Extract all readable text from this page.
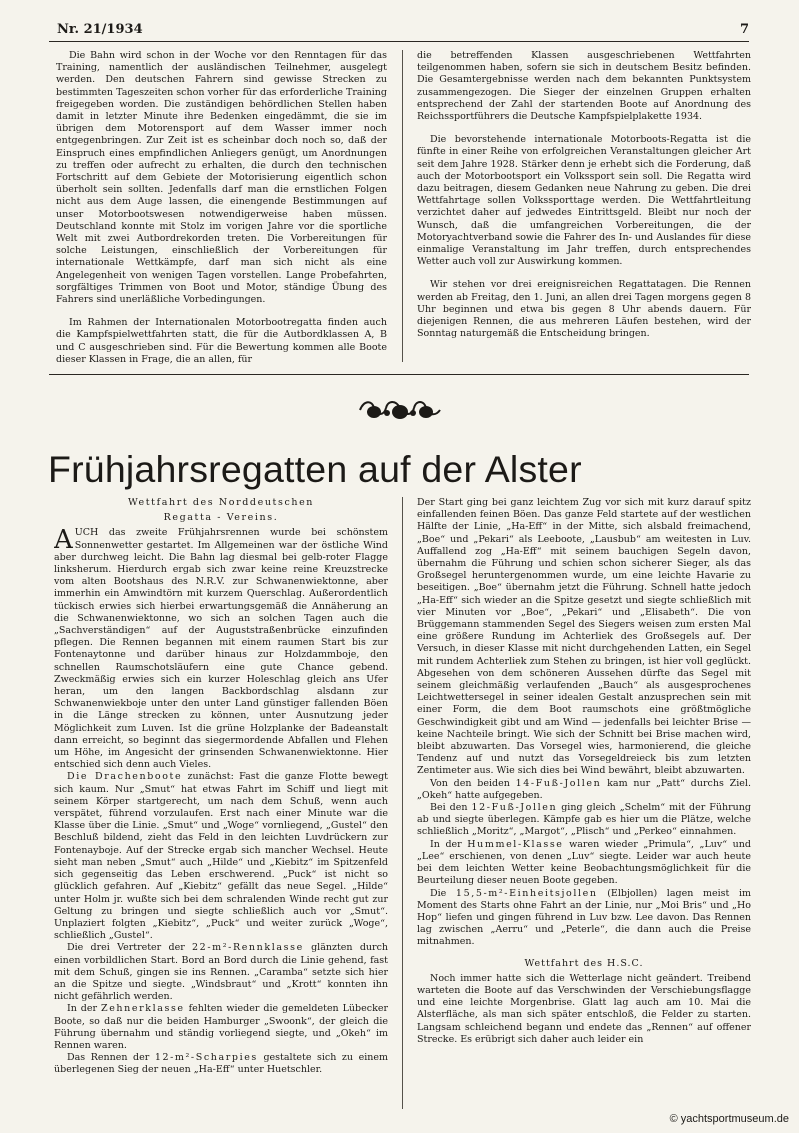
Nr. 21/1934	7

Die Bahn wird schon in der Woche vor den Renntagen für das Training, namentlich der ausländischen Teilnehmer, ausgelegt werden. Den deutschen Fahrern sind gewisse Strecken zu bestimmten Tageszeiten schon vorher für das erforderliche Training freigegeben worden. Die zuständigen behördlichen Stellen haben damit in letzter Minute ihre Bedenken eingedämmt, die sie im übrigen dem Motorensport auf dem Wasser immer noch entgegenbringen. Zur Zeit ist es scheinbar doch noch so, daß der Einspruch eines empfindlichen Anliegers genügt, um Anordnungen zu treffen oder aufrecht zu erhalten, die durch den technischen Fortschritt auf dem Gebiete der Motorisierung eigentlich schon überholt sein sollten. Jedenfalls darf man die ernstlichen Folgen nicht aus dem Auge lassen, die einengende Bestimmungen auf unser Motorbootswesen notwendigerweise haben müssen. Deutschland konnte mit Stolz im vorigen Jahre vor die sportliche Welt mit zwei Autbordrekorden treten. Die Vorbereitungen für solche Leistungen, einschließlich der Vorbereitungen für internationale Wettkämpfe, darf man sich nicht als eine Angelegenheit von wenigen Tagen vorstellen. Lange Probefahrten, sorgfältiges Trimmen von Boot und Motor, ständige Übung des Fahrers sind unerläßliche Vorbedingungen.

Im Rahmen der Internationalen Motorbootregatta finden auch die Kampfspielwettfahrten statt, die für die Autbordklassen A, B und C ausgeschrieben sind. Für die Bewertung kommen alle Boote dieser Klassen in Frage, die an allen, für

die betreffenden Klassen ausgeschriebenen Wettfahrten teilgenommen haben, sofern sie sich in deutschem Besitz befinden. Die Gesamtergebnisse werden nach dem bekannten Punktsystem zusammengezogen. Die Sieger der einzelnen Gruppen erhalten entsprechend der Zahl der startenden Boote auf Anordnung des Reichssportführers die Deutsche Kampfspielplakette 1934.

Die bevorstehende internationale Motorboots-Regatta ist die fünfte in einer Reihe von erfolgreichen Veranstaltungen gleicher Art seit dem Jahre 1928. Stärker denn je erhebt sich die Forderung, daß auch der Motorbootsport ein Volkssport sein soll. Die Regatta wird dazu beitragen, diesem Gedanken neue Nahrung zu geben. Die drei Wettfahrtage sollen Volkssporttage werden. Die Wettfahrtleitung verzichtet daher auf jedwedes Eintrittsgeld. Bleibt nur noch der Wunsch, daß die umfangreichen Vorbereitungen, die der Motoryachtverband sowie die Fahrer des In- und Auslandes für diese einmalige Veranstaltung im Jahr treffen, durch entsprechendes Wetter auch voll zur Auswirkung kommen.

Wir stehen vor drei ereignisreichen Regattatagen. Die Rennen werden ab Freitag, den 1. Juni, an allen drei Tagen morgens gegen 8 Uhr beginnen und etwa bis gegen 8 Uhr abends dauern. Für diejenigen Rennen, die aus mehreren Läufen bestehen, wird der Sonntag naturgemäß die Entscheidung bringen.

Frühjahrsregatten auf der Alster
Wettfahrt des Norddeutschen
Regatta - Vereins.

AUCH das zweite Frühjahrsrennen wurde bei schönstem Sonnenwetter gestartet. Im Allgemeinen war der östliche Wind aber durchweg leicht. Die Bahn lag diesmal bei gelb-roter Flagge linksherum. Hierdurch ergab sich zwar keine reine Kreuzstrecke vom alten Bootshaus des N.R.V. zur Schwanenwiektonne, aber immerhin ein Amwindtörn mit kurzem Querschlag. Außerordentlich tückisch erwies sich hierbei erwartungsgemäß die Annäherung an die Schwanenwiektonne, wo sich an solchen Tagen auch die „Sachverständigen“ auf der Auguststraßenbrücke einzufinden pflegen. Die Rennen begannen mit einem raumen Start bis zur Fontenaytonne und darüber hinaus zur Holzdammboje, den schnellen Raumschotsläufern eine gute Chance gebend. Zweckmäßig erwies sich ein kurzer Holeschlag gleich ans Ufer heran, um den langen Backbordschlag alsdann zur Schwanenwiekboje unter den unter Land günstiger fallenden Böen in die Länge strecken zu können, unter Ausnutzung jeder Möglichkeit zum Luven. Ist die grüne Holzplanke der Badeanstalt dann erreicht, so beginnt das siegermordende Abfallen und Flehen um Höhe, im Angesicht der grinsenden Schwanenwiektonne. Hier entschied sich denn auch Vieles.

Die Drachenboote zunächst: Fast die ganze Flotte bewegt sich kaum. Nur „Smut“ hat etwas Fahrt im Schiff und liegt mit seinem Körper startgerecht, um nach dem Schuß, wenn auch verspätet, führend vorzulaufen. Erst nach einer Minute war die Klasse über die Linie. „Smut“ und „Woge“ vornliegend, „Gustel“ den Beschluß bildend, zieht das Feld in den leichten Luvdrückern zur Fontenayboje. Auf der Strecke ergab sich mancher Wechsel. Heute sieht man neben „Smut“ auch „Hilde“ und „Kiebitz“ im Spitzenfeld sich gegenseitig das Leben erschwerend. „Puck“ ist nicht so glücklich gefahren. Auf „Kiebitz“ gefällt das neue Segel. „Hilde“ unter Holm jr. wußte sich bei dem schralenden Winde recht gut zur Geltung zu bringen und siegte schließlich auch vor „Smut“. Unplaziert folgten „Kiebitz“, „Puck“ und weiter zurück „Woge“, schließlich „Gustel“.

Die drei Vertreter der 22-m²-Rennklasse glänzten durch einen vorbildlichen Start. Bord an Bord durch die Linie gehend, fast mit dem Schuß, gingen sie ins Rennen. „Caramba“ setzte sich hier an die Spitze und siegte. „Windsbraut“ und „Krott“ konnten ihn nicht gefährlich werden.

In der Zehnerklasse fehlten wieder die gemeldeten Lübecker Boote, so daß nur die beiden Hamburger „Swoonk“, der gleich die Führung übernahm und ständig vorliegend siegte, und „Okeh“ im Rennen waren.

Das Rennen der 12-m²-Scharpies gestaltete sich zu einem überlegenen Sieg der neuen „Ha-Eff“ unter Huetschler.

Der Start ging bei ganz leichtem Zug vor sich mit kurz darauf spitz einfallenden feinen Böen. Das ganze Feld startete auf der westlichen Hälfte der Linie, „Ha-Eff“ in der Mitte, sich alsbald freimachend, „Boe“ und „Pekari“ als Leeboote, „Lausbub“ am weitesten in Luv. Auffallend zog „Ha-Eff“ mit seinem bauchigen Segeln davon, übernahm die Führung und schien schon sicherer Sieger, als das Großsegel heruntergenommen wurde, um eine leichte Havarie zu beseitigen. „Boe“ übernahm jetzt die Führung. Schnell hatte jedoch „Ha-Eff“ sich wieder an die Spitze gesetzt und siegte schließlich mit vier Minuten vor „Boe“, „Pekari“ und „Elisabeth“. Die von Brüggemann stammenden Segel des Siegers weisen zum ersten Mal eine größere Rundung im Achterliek des Großsegels auf. Der Versuch, in dieser Klasse mit nicht durchgehenden Latten, ein Segel mit rundem Achterliek zum Stehen zu bringen, ist hier voll geglückt. Abgesehen von dem schöneren Aussehen dürfte das Segel mit seinem gleichmäßig verlaufenden „Bauch“ als ausgesprochenes Leichtwettersegel in seiner idealen Gestalt anzusprechen sein mit einer Form, die dem Boot raumschots eine größtmögliche Geschwindigkeit gibt und am Wind — jedenfalls bei leichter Brise — keine Nachteile bringt. Wie sich der Schnitt bei Brise machen wird, bleibt abzuwarten. Das Vorsegel wies, harmonierend, die gleiche Tendenz auf und nutzt das Vorsegeldreieck bis zum letzten Zentimeter aus. Wie sich dies bei Wind bewährt, bleibt abzuwarten.

Von den beiden 14-Fuß-Jollen kam nur „Patt“ durchs Ziel. „Okeh“ hatte aufgegeben.

Bei den 12-Fuß-Jollen ging gleich „Schelm“ mit der Führung ab und siegte überlegen. Kämpfe gab es hier um die Plätze, welche schließlich „Moritz“, „Margot“, „Plisch“ und „Perkeo“ einnahmen.

In der Hummel-Klasse waren wieder „Primula“, „Luv“ und „Lee“ erschienen, von denen „Luv“ siegte. Leider war auch heute bei dem leichten Wetter keine Beobachtungsmöglichkeit für die Beurteilung dieser neuen Boote gegeben.

Die 15,5-m²-Einheitsjollen (Elbjollen) lagen meist im Moment des Starts ohne Fahrt an der Linie, nur „Moi Bris“ und „Ho Hop“ liefen und gingen führend in Luv bzw. Lee davon. Das Rennen lag zwischen „Aerru“ und „Peterle“, die dann auch die Preise mitnahmen.

Wettfahrt des H.S.C.

Noch immer hatte sich die Wetterlage nicht geändert. Treibend warteten die Boote auf das Verschwinden der Verschiebungsflagge und eine leichte Morgenbrise. Glatt lag auch am 10. Mai die Alsterfläche, als man sich später entschloß, die Felder zu starten. Langsam schleichend begann und endete das „Rennen“ auf offener Strecke. Es erübrigt sich daher auch leider ein

© yachtsportmuseum.de
